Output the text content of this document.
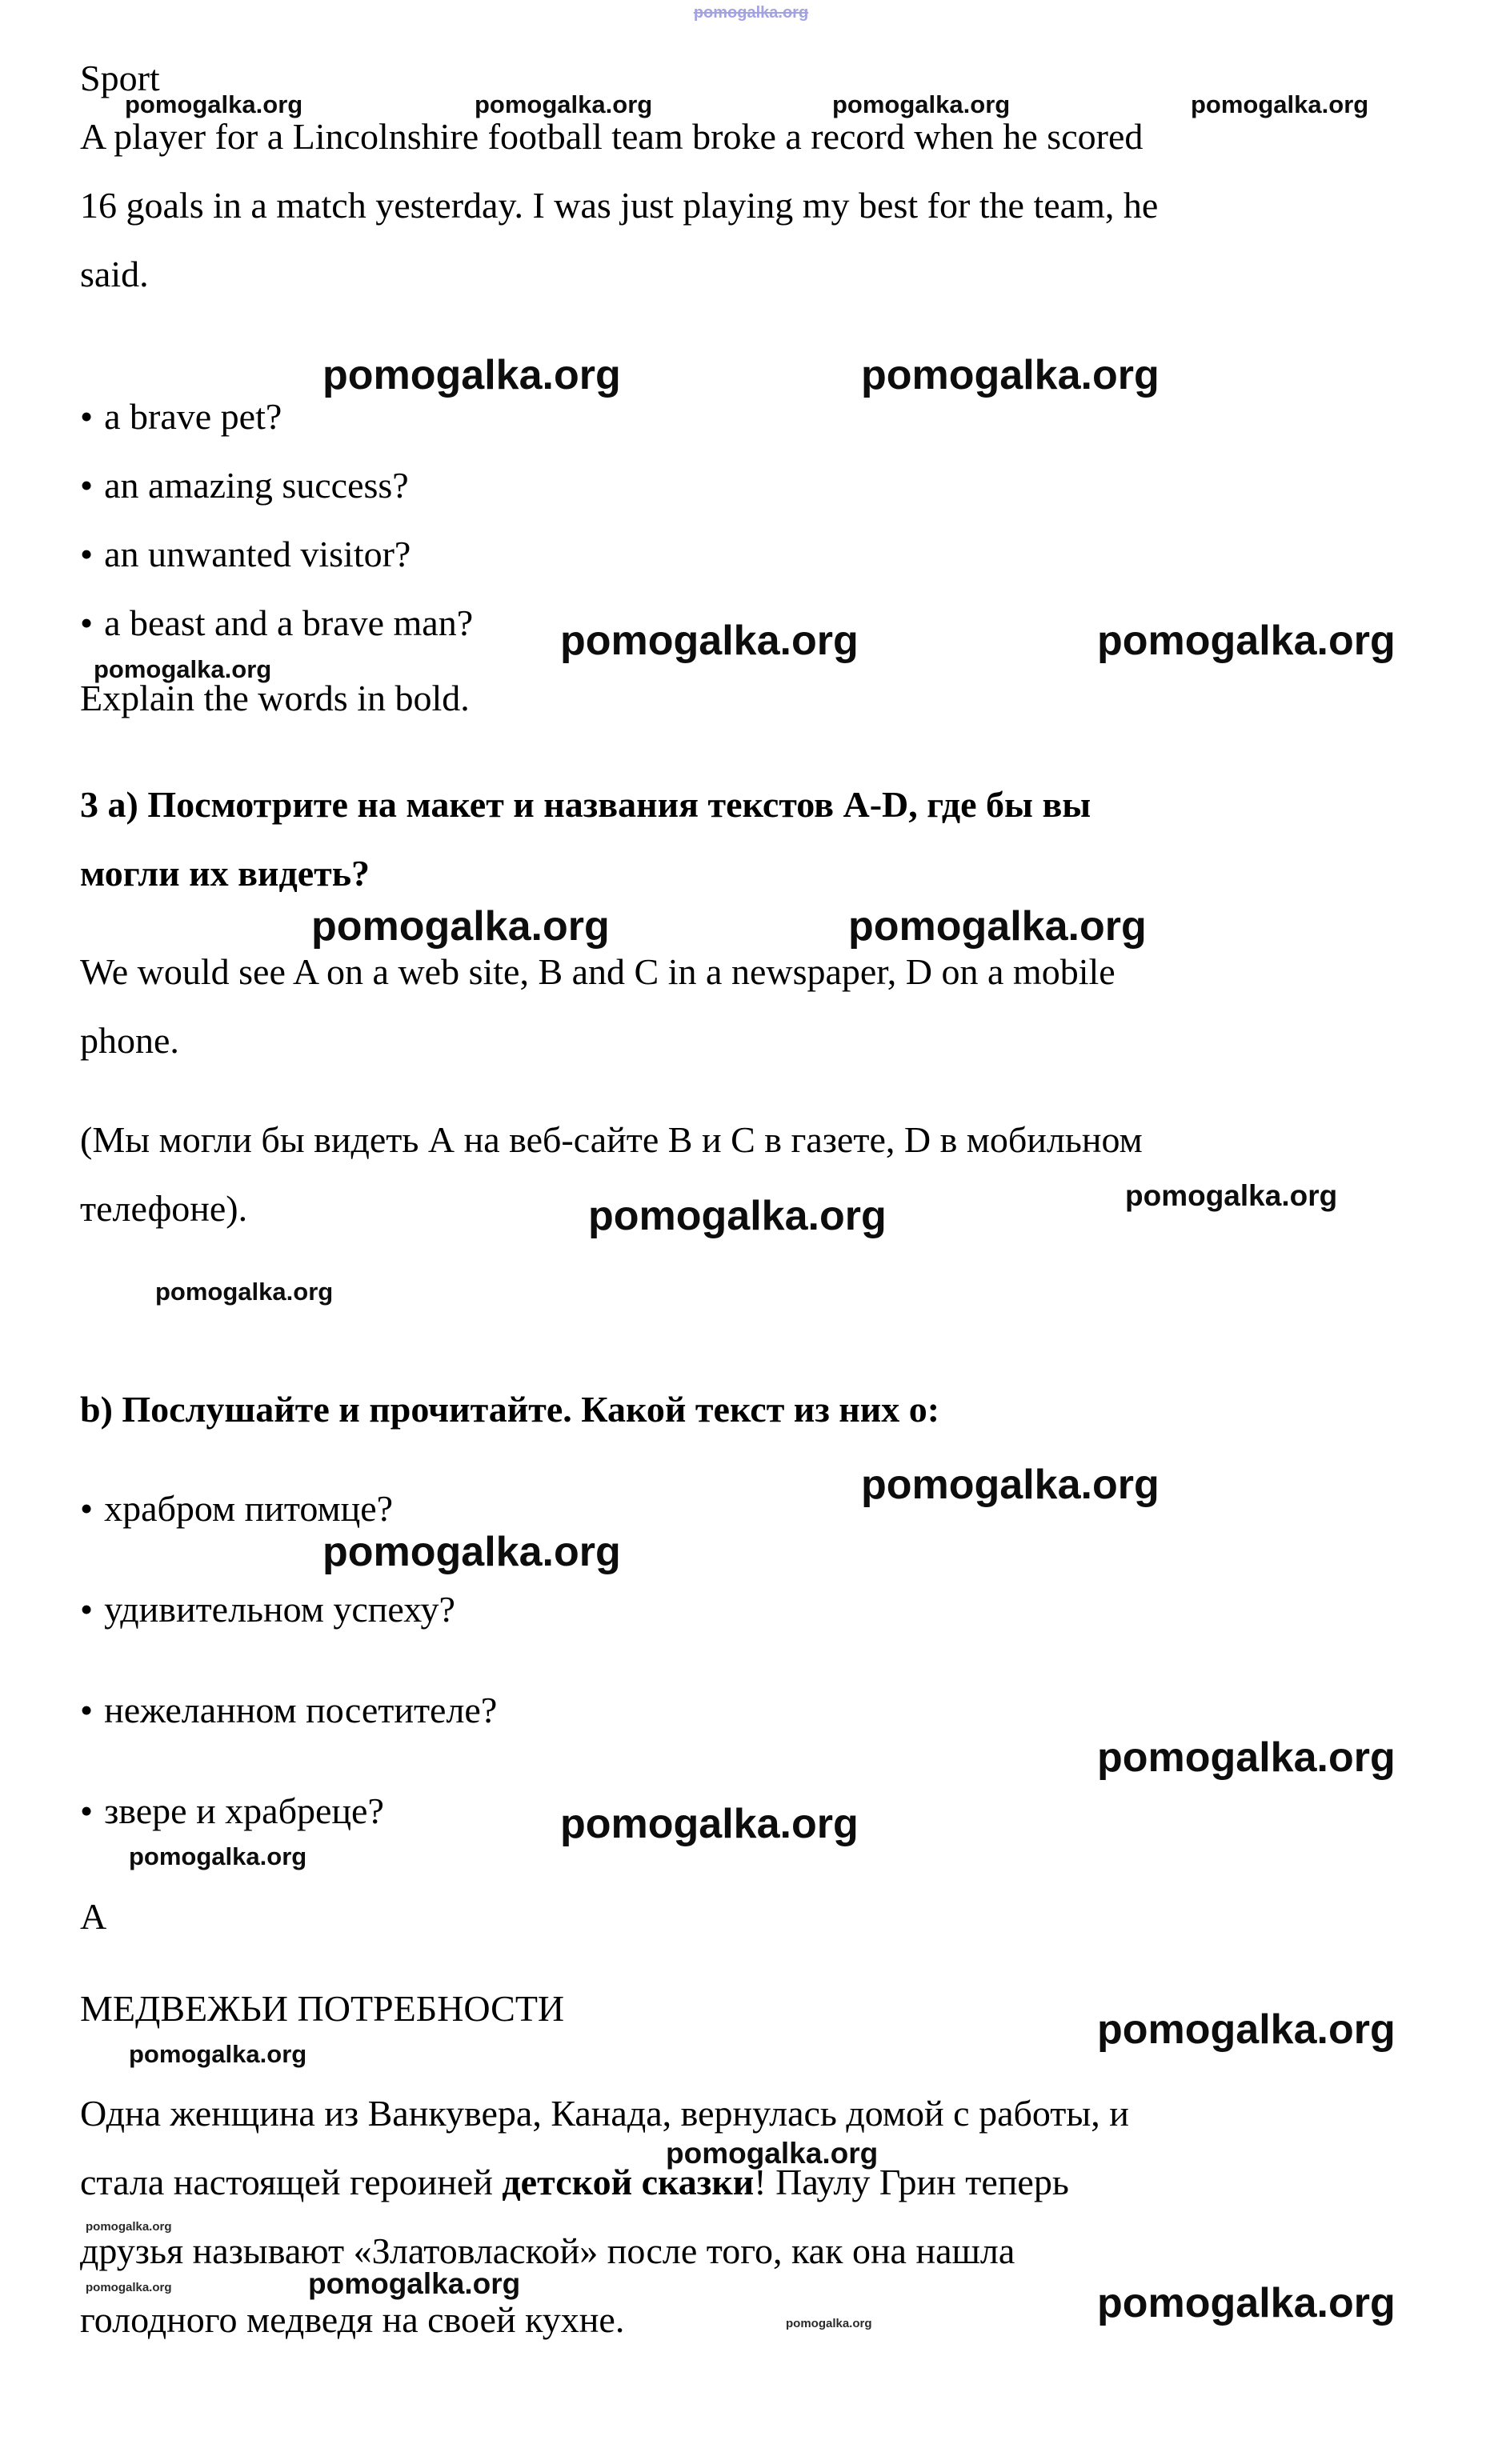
pomogalka.org
Sport
pomogalka.org	pomogalka.org	pomogalka.org	pomogalka.org
A player for a Lincolnshire football team broke a record when he scored
16 goals in a match yesterday. I was just playing my best for the team, he
said.
pomogalka.org	pomogalka.org
• a brave pet?
• an amazing success?
• an unwanted visitor?
• a beast and a brave man? pomogalka.org	pomogalka.org
pomogalka.org
Explain the words in bold.
3 а) Посмотрите на макет и названия текстов A-D, где бы вы
могли их видеть?
pomogalka.org	pomogalka.org
We would see A on a web site, B and C in a newspaper, D on a mobile
phone.
(Мы могли бы видеть А на веб-сайте В и С в газете, D в мобильном
телефоне).	pomogalka.org
pomogalka.org
pomogalka.org
b) Послушайте и прочитайте. Какой текст из них о:
pomogalka.org
• храбром питомце?
• удивительном успеху?
• нежеланном посетителе?
• звере и храбреце?
pomogalka.org
pomogalka.org
pomogalka.org
pomogalka.org
А
МЕДВЕЖЬИ ПОТРЕБНОСТИ	pomogalka.org
pomogalka.org
Одна женщина из Ванкувера, Канада, вернулась домой с работы, и
стала настоящей героиней детской сказки! Паулу Грин теперь
друзья называют «Златовлаской» после того, как она нашла
голодного медведя на своей кухне.
pomogalka.org
pomogalka.org
pomogalka.org	pomogalka.org	pomogalka.org
pomogalka.org
